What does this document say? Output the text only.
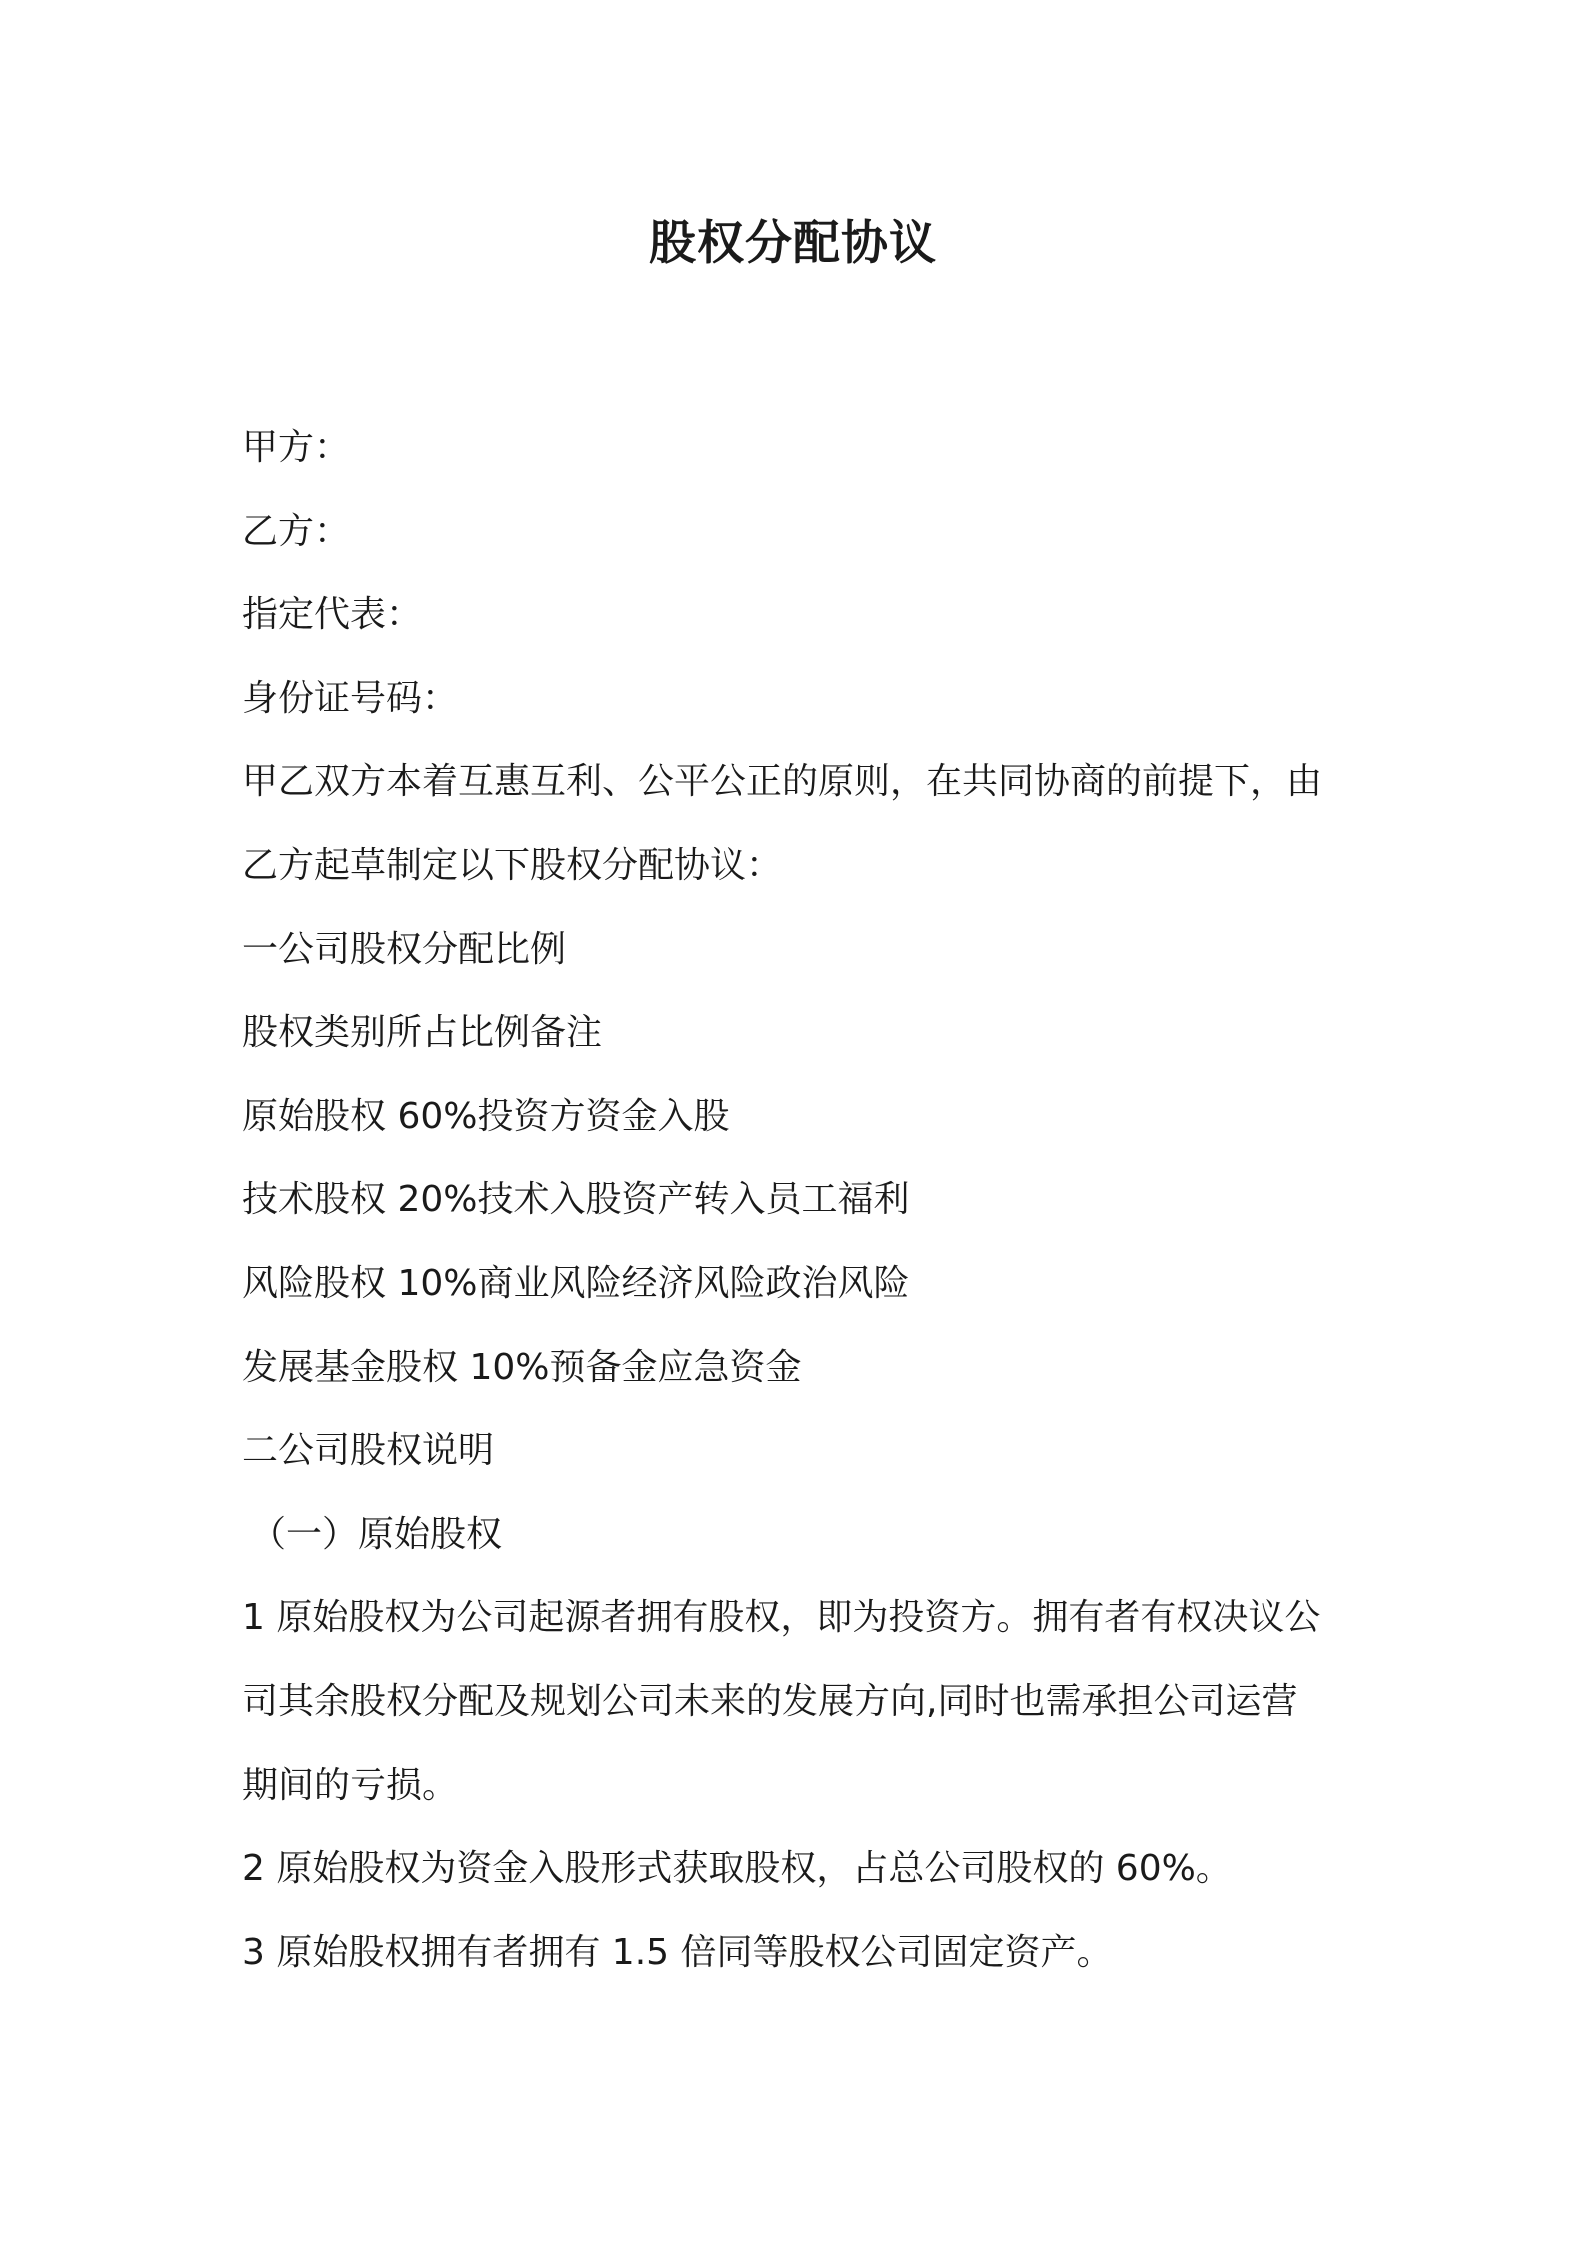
股权分配协议

甲方：

乙方：

指定代表：

身份证号码：

甲乙双方本着互惠互利、公平公正的原则，在共同协商的前提下，由

乙方起草制定以下股权分配协议：

一公司股权分配比例

股权类别所占比例备注

原始股权 60%投资方资金入股

技术股权 20%技术入股资产转入员工福利

风险股权 10%商业风险经济风险政治风险

发展基金股权 10%预备金应急资金

二公司股权说明

（一）原始股权

1 原始股权为公司起源者拥有股权，即为投资方。拥有者有权决议公

司其余股权分配及规划公司未来的发展方向,同时也需承担公司运营

期间的亏损。

2 原始股权为资金入股形式获取股权，占总公司股权的 60%。

3 原始股权拥有者拥有 1.5 倍同等股权公司固定资产。
